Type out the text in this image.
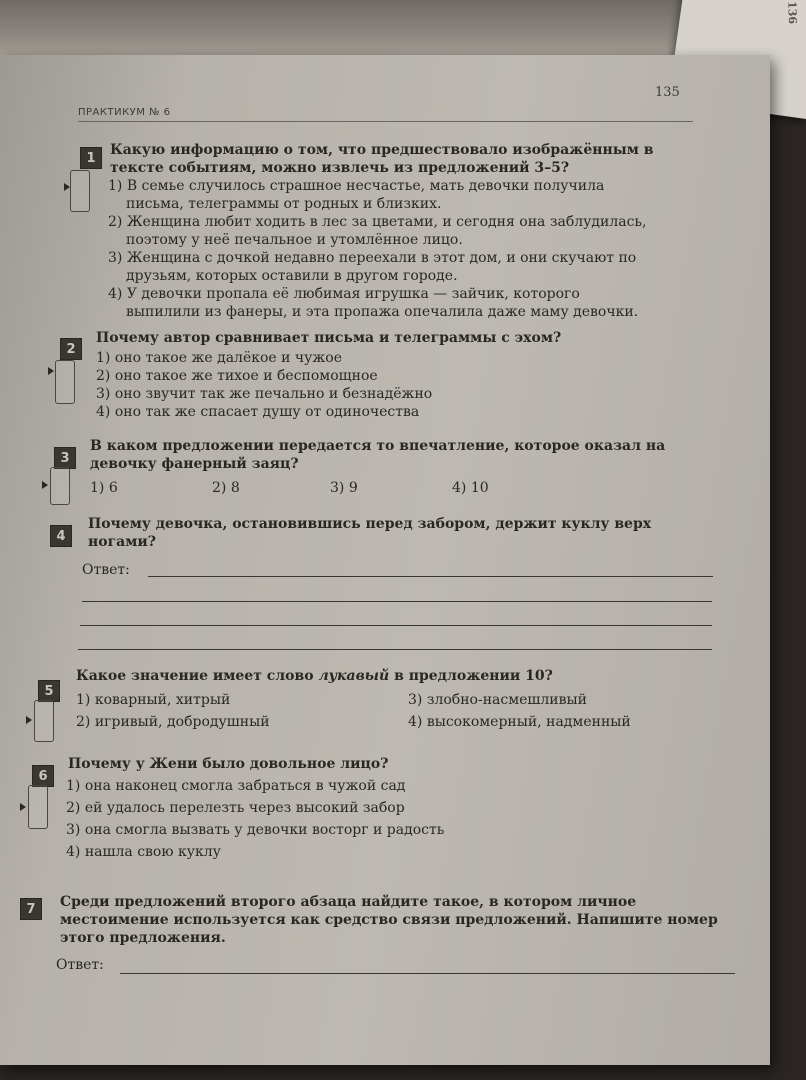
136
135
ПРАКТИКУМ № 6
1	Какую информацию о том, что предшествовало изображённым в тексте событиям, можно извлечь из предложений 3–5?
1) В семье случилось страшное несчастье, мать девочки получила
письма, телеграммы от родных и близких.
2) Женщина любит ходить в лес за цветами, и сегодня она заблудилась,
поэтому у неё печальное и утомлённое лицо.
3) Женщина с дочкой недавно переехали в этот дом, и они скучают по
друзьям, которых оставили в другом городе.
4) У девочки пропала её любимая игрушка — зайчик, которого
выпилили из фанеры, и эта пропажа опечалила даже маму девочки.
2
Почему автор сравнивает письма и телеграммы с эхом?
1) оно такое же далёкое и чужое
2) оно такое же тихое и беспомощное
3) оно звучит так же печально и безнадёжно
4) оно так же спасает душу от одиночества
3
В каком предложении передается то впечатление, которое оказал на девочку фанерный заяц?
1) 6	2) 8	3) 9	4) 10
4
Почему девочка, остановившись перед забором, держит куклу верх ногами?
Ответ:
5
Какое значение имеет слово лукавый в предложении 10?
1) коварный, хитрый	3) злобно-насмешливый
2) игривый, добродушный	4) высокомерный, надменный
6
Почему у Жени было довольное лицо?
1) она наконец смогла забраться в чужой сад
2) ей удалось перелезть через высокий забор
3) она смогла вызвать у девочки восторг и радость
4) нашла свою куклу
7	Среди предложений второго абзаца найдите такое, в котором личное местоимение используется как средство связи предложений. Напишите номер этого предложения.
Ответ:
